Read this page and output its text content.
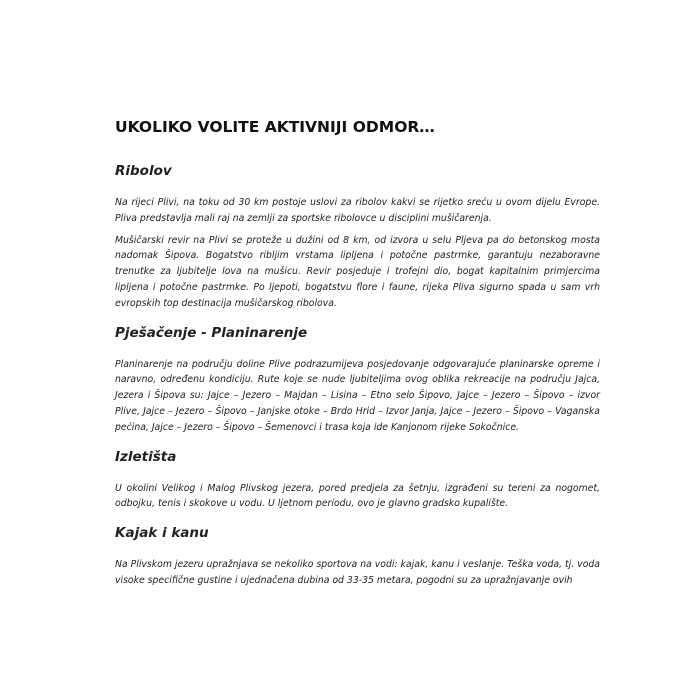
UKOLIKO VOLITE AKTIVNIJI ODMOR…
Ribolov

Na rijeci Plivi, na toku od 30 km postoje uslovi za ribolov kakvi se rijetko sreću u ovom dijelu Evrope. Pliva predstavlja mali raj na zemlji za sportske ribolovce u disciplini mušičarenja.

Mušičarski revir na Plivi se proteže u dužini od 8 km, od izvora u selu Pljeva pa do betonskog mosta nadomak Šipova. Bogatstvo ribljim vrstama lipljena i potočne pastrmke, garantuju nezaboravne trenutke za ljubitelje lova na mušicu. Revir posjeduje i trofejni dio, bogat kapitalnim primjercima lipljena i potočne pastrmke. Po ljepoti, bogatstvu flore i faune, rijeka Pliva sigurno spada u sam vrh evropskih top destinacija mušičarskog ribolova.

Pješačenje - Planinarenje

Planinarenje na području doline Plive podrazumijeva posjedovanje odgovarajuće planinarske opreme i naravno, određenu kondiciju. Rute koje se nude ljubiteljima ovog oblika rekreacije na području Jajca, Jezera i Šipova su: Jajce – Jezero – Majdan – Lisina – Etno selo Šipovo, Jajce – Jezero – Šipovo – izvor Plive, Jajce – Jezero – Šipovo – Janjske otoke – Brdo Hrid – Izvor Janja, Jajce – Jezero – Šipovo – Vaganska pećina, Jajce – Jezero – Šipovo – Šemenovci i trasa koja ide Kanjonom rijeke Sokočnice.

Izletišta

U okolini Velikog i Malog Plivskog jezera, pored predjela za šetnju, izgrađeni su tereni za nogomet, odbojku, tenis i skokove u vodu. U ljetnom periodu, ovo je glavno gradsko kupalište.

Kajak i kanu

Na Plivskom jezeru upražnjava se nekoliko sportova na vodi: kajak, kanu i veslanje. Teška voda, tj. voda visoke specifične gustine i ujednačena dubina od 33-35 metara, pogodni su za upražnjavanje ovih
